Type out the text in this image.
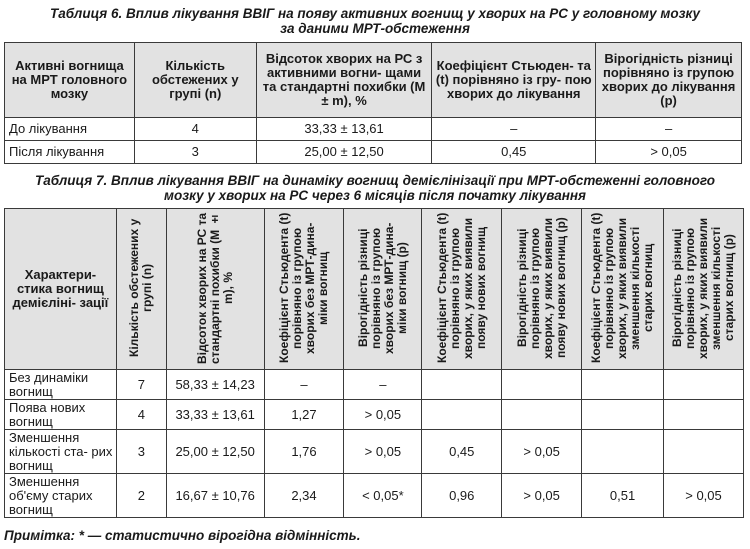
Таблиця 6. Вплив лікування ВВІГ на появу активних вогнищ у хворих на РС у головному мозку
за даними МРТ-обстеження
Активні вогнища на МРТ головного мозку	Кількість обстежених у групі (n)	Відсоток хворих на РС з активними вогни- щами та стандартні похибки (M ± m), %	Коефіцієнт Стьюден- та (t) порівняно із гру- пою хворих до лікування	Вірогідність різниці порівняно із групою хворих до лікування (p)
До лікування	4	33,33 ± 13,61	–	–
Після лікування	3	25,00 ± 12,50	0,45	> 0,05
Таблиця 7. Вплив лікування ВВІГ на динаміку вогнищ демієлінізації при МРТ-обстеженні головного
мозку у хворих на РС через 6 місяців після початку лікування
Характери- стика вогнищ демієліні- зації	Кількість обстежених у групі (n)	Відсоток хворих на РС та стандартні похибки (M ± m), %	Коефіцієнт Стьюдента (t) порівняно із групою хворих без МРТ-дина- міки вогнищ	Вірогідність різниці порівняно із групою хворих без МРТ-дина- міки вогнищ (p)	Коефіцієнт Стьюдента (t) порівняно із групою хворих, у яких виявили появу нових вогнищ	Вірогідність різниці порівняно із групою хворих, у яких виявили появу нових вогнищ (p)	Коефіцієнт Стьюдента (t) порівняно із групою хворих, у яких виявили зменшення кількості старих вогнищ	Вірогідність різниці порівняно із групою хворих, у яких виявили зменшення кількості старих вогнищ (p)
Без динаміки вогнищ	7	58,33 ± 14,23	–	–				
Поява нових вогнищ	4	33,33 ± 13,61	1,27	> 0,05				
Зменшення кількості ста- рих вогнищ	3	25,00 ± 12,50	1,76	> 0,05	0,45	> 0,05		
Зменшення об'єму старих вогнищ	2	16,67 ± 10,76	2,34	< 0,05*	0,96	> 0,05	0,51	> 0,05
Примітка: * — статистично вірогідна відмінність.
